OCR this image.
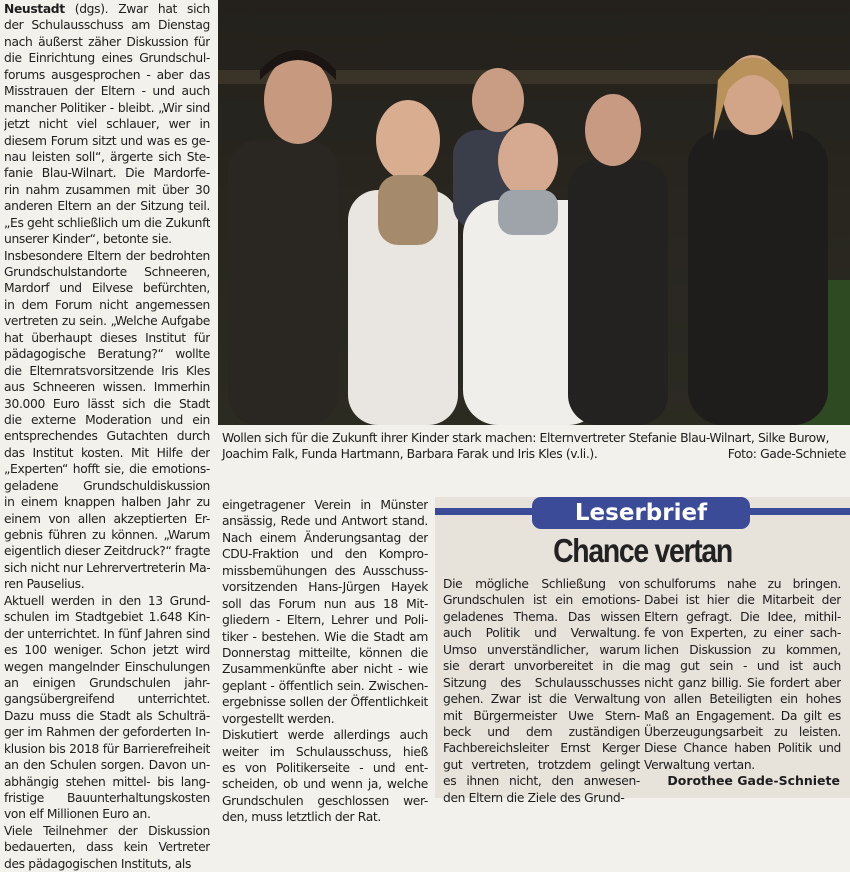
Neustadt (dgs). Zwar hat sich
der Schulausschuss am Dienstag
nach äußerst zäher Diskussion für
die Einrichtung eines Grundschul-
forums ausgesprochen - aber das
Misstrauen der Eltern - und auch
mancher Politiker - bleibt. „Wir sind
jetzt nicht viel schlauer, wer in
diesem Forum sitzt und was es ge-
nau leisten soll“, ärgerte sich Ste-
fanie Blau-Wilnart. Die Mardorfe-
rin nahm zusammen mit über 30
anderen Eltern an der Sitzung teil.
„Es geht schließlich um die Zukunft
unserer Kinder“, betonte sie.
Insbesondere Eltern der bedrohten
Grundschulstandorte Schneeren,
Mardorf und Eilvese befürchten,
in dem Forum nicht angemessen
vertreten zu sein. „Welche Aufgabe
hat überhaupt dieses Institut für
pädagogische Beratung?“ wollte
die Elternratsvorsitzende Iris Kles
aus Schneeren wissen. Immerhin
30.000 Euro lässt sich die Stadt
die externe Moderation und ein
entsprechendes Gutachten durch
das Institut kosten. Mit Hilfe der
„Experten“ hofft sie, die emotions-
geladene Grundschuldiskussion
in einem knappen halben Jahr zu
einem von allen akzeptierten Er-
gebnis führen zu können. „Warum
eigentlich dieser Zeitdruck?“ fragte
sich nicht nur Lehrervertreterin Ma-
ren Pauselius.
Aktuell werden in den 13 Grund-
schulen im Stadtgebiet 1.648 Kin-
der unterrichtet. In fünf Jahren sind
es 100 weniger. Schon jetzt wird
wegen mangelnder Einschulungen
an einigen Grundschulen jahr-
gangsübergreifend unterrichtet.
Dazu muss die Stadt als Schulträ-
ger im Rahmen der geforderten In-
klusion bis 2018 für Barrierefreiheit
an den Schulen sorgen. Davon un-
abhängig stehen mittel- bis lang-
fristige Bauunterhaltungskosten
von elf Millionen Euro an.
Viele Teilnehmer der Diskussion
bedauerten, dass kein Vertreter
des pädagogischen Instituts, als
Wollen sich für die Zukunft ihrer Kinder stark machen: Elternvertreter Stefanie Blau-Wilnart, Silke Burow,
Joachim Falk, Funda Hartmann, Barbara Farak und Iris Kles (v.li.).	Foto: Gade-Schniete
eingetragener Verein in Münster
ansässig, Rede und Antwort stand.
Nach einem Änderungsantag der
CDU-Fraktion und den Kompro-
missbemühungen des Ausschuss-
vorsitzenden Hans-Jürgen Hayek
soll das Forum nun aus 18 Mit-
gliedern - Eltern, Lehrer und Poli-
tiker - bestehen. Wie die Stadt am
Donnerstag mitteilte, können die
Zusammenkünfte aber nicht - wie
geplant - öffentlich sein. Zwischen-
ergebnisse sollen der Öffentlichkeit
vorgestellt werden.
Diskutiert werde allerdings auch
weiter im Schulausschuss, hieß
es von Politikerseite - und ent-
scheiden, ob und wenn ja, welche
Grundschulen geschlossen wer-
den, muss letztlich der Rat.
Leserbrief
Chance vertan
Die mögliche Schließung von
Grundschulen ist ein emotions-
geladenes Thema. Das wissen
auch Politik und Verwaltung.
Umso unverständlicher, warum
sie derart unvorbereitet in die
Sitzung des Schulausschusses
gehen. Zwar ist die Verwaltung
mit Bürgermeister Uwe Stern-
beck und dem zuständigen
Fachbereichsleiter Ernst Kerger
gut vertreten, trotzdem gelingt
es ihnen nicht, den anwesen-
den Eltern die Ziele des Grund-
schulforums nahe zu bringen.
Dabei ist hier die Mitarbeit der
Eltern gefragt. Die Idee, mithil-
fe von Experten, zu einer sach-
lichen Diskussion zu kommen,
mag gut sein - und ist auch
nicht ganz billig. Sie fordert aber
von allen Beteiligten ein hohes
Maß an Engagement. Da gilt es
Überzeugungsarbeit zu leisten.
Diese Chance haben Politik und
Verwaltung vertan.
Dorothee Gade-Schniete
